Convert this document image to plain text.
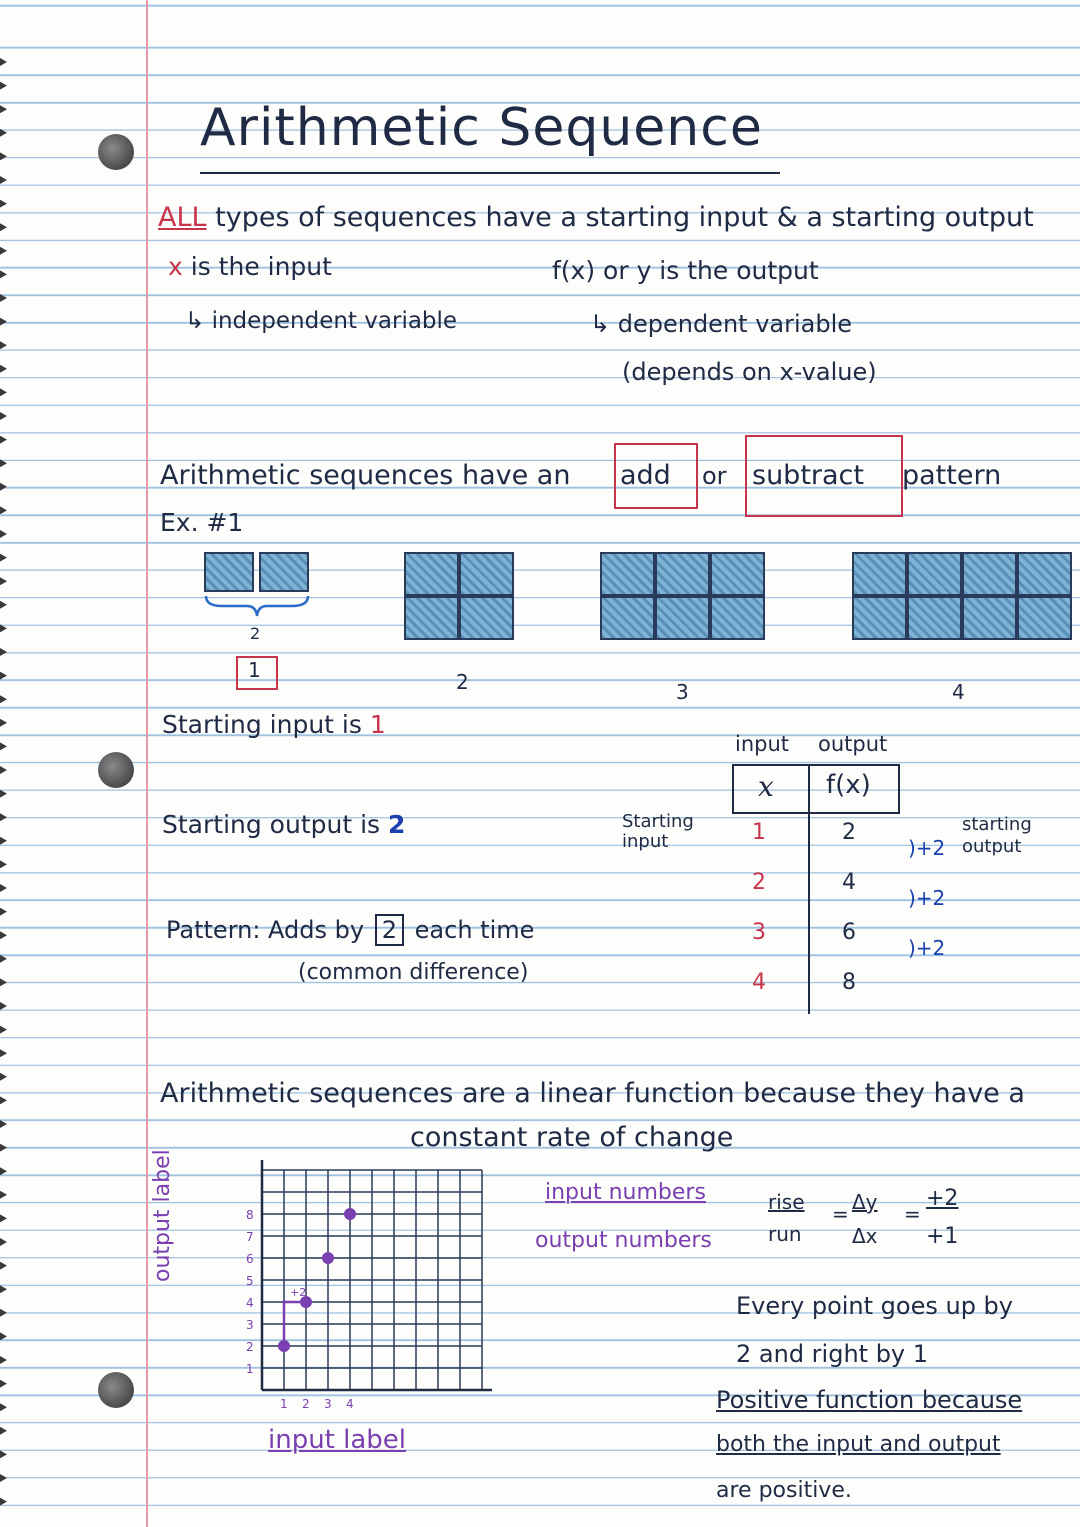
Arithmetic Sequence
ALL types of sequences have a starting input & a starting output
x is the input
↳ independent variable
f(x) or y is the output
↳ dependent variable
(depends on x-value)
Arithmetic sequences have an add or subtract pattern
Ex. #1
2
1	2	3	4
Starting input is 1
Starting output is 2
Pattern: Adds by 2 each time
(common difference)
input output
x f(x)
Starting input
starting output
1	2
2	4
3	6
4	8
)+2
)+2
)+2
Arithmetic sequences are a linear function because they have a
constant rate of change
output label	8
7
6
5
4
3
2
1
1 2 3 4
+2
input label
input numbers
output numbers
rise
run
= Δy
Δx
=
+2
+1
Every point goes up by
2 and right by 1
Positive function because
both the input and output
are positive.
